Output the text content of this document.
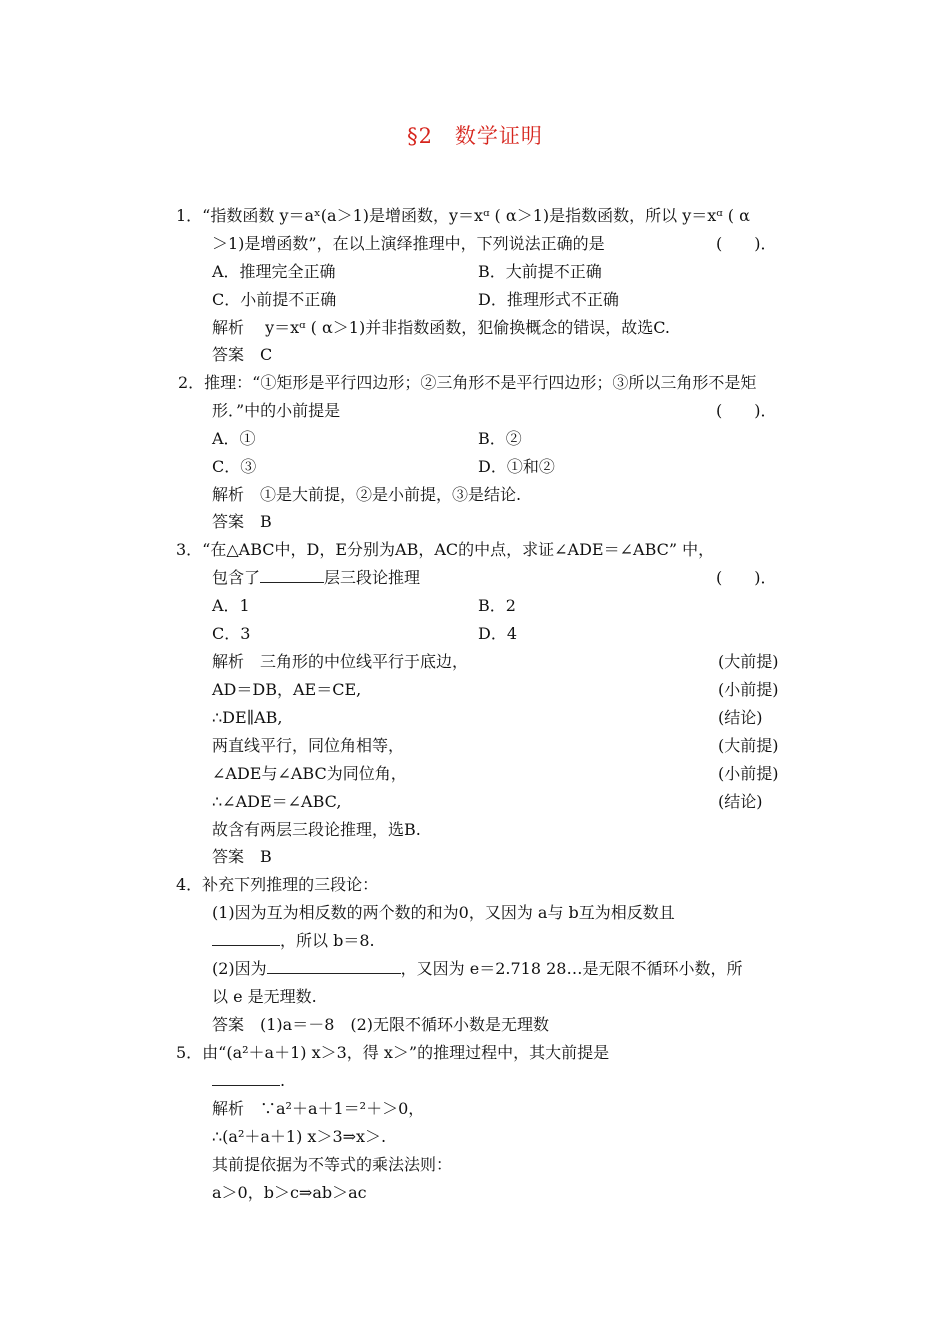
§2　数学证明
1．“指数函数 y＝aˣ(a＞1)是增函数，y＝xᵅ ( α＞1)是指数函数，所以 y＝xᵅ ( α
＞1)是增函数”，在以上演绎推理中，下列说法正确的是	(　　)．
A．推理完全正确	B．大前提不正确
C．小前提不正确	D．推理形式不正确
解析　 y＝xᵅ ( α＞1)并非指数函数，犯偷换概念的错误，故选C.
答案　C
2．推理：“①矩形是平行四边形；②三角形不是平行四边形；③所以三角形不是矩
形．”中的小前提是	(　　)．
A．①	B．②
C．③	D．①和②
解析　①是大前提，②是小前提，③是结论.
答案　B
3．“在△ABC中，D，E分别为AB，AC的中点，求证∠ADE＝∠ABC” 中，
包含了	层三段论推理	(　　)．
A．1	B．2
C．3	D．4
解析　三角形的中位线平行于底边，	(大前提)
AD＝DB，AE＝CE,	(小前提)
∴DE∥AB,	(结论)
两直线平行，同位角相等，	(大前提)
∠ADE与∠ABC为同位角，	(小前提)
∴∠ADE＝∠ABC,	(结论)
故含有两层三段论推理，选B.
答案　B
4．补充下列推理的三段论：
(1)因为互为相反数的两个数的和为0，又因为 a与 b互为相反数且
，所以 b＝8.
(2)因为	，又因为 e＝2.718 28…是无限不循环小数，所
以 e 是无理数.
答案　(1)a＝－8　(2)无限不循环小数是无理数
5．由“(a²＋a＋1) x＞3，得 x＞”的推理过程中，其大前提是
.
解析　∵a²＋a＋1＝²＋＞0，
∴(a²＋a＋1) x＞3⇒x＞.
其前提依据为不等式的乘法法则：
a＞0，b＞c⇒ab＞ac
